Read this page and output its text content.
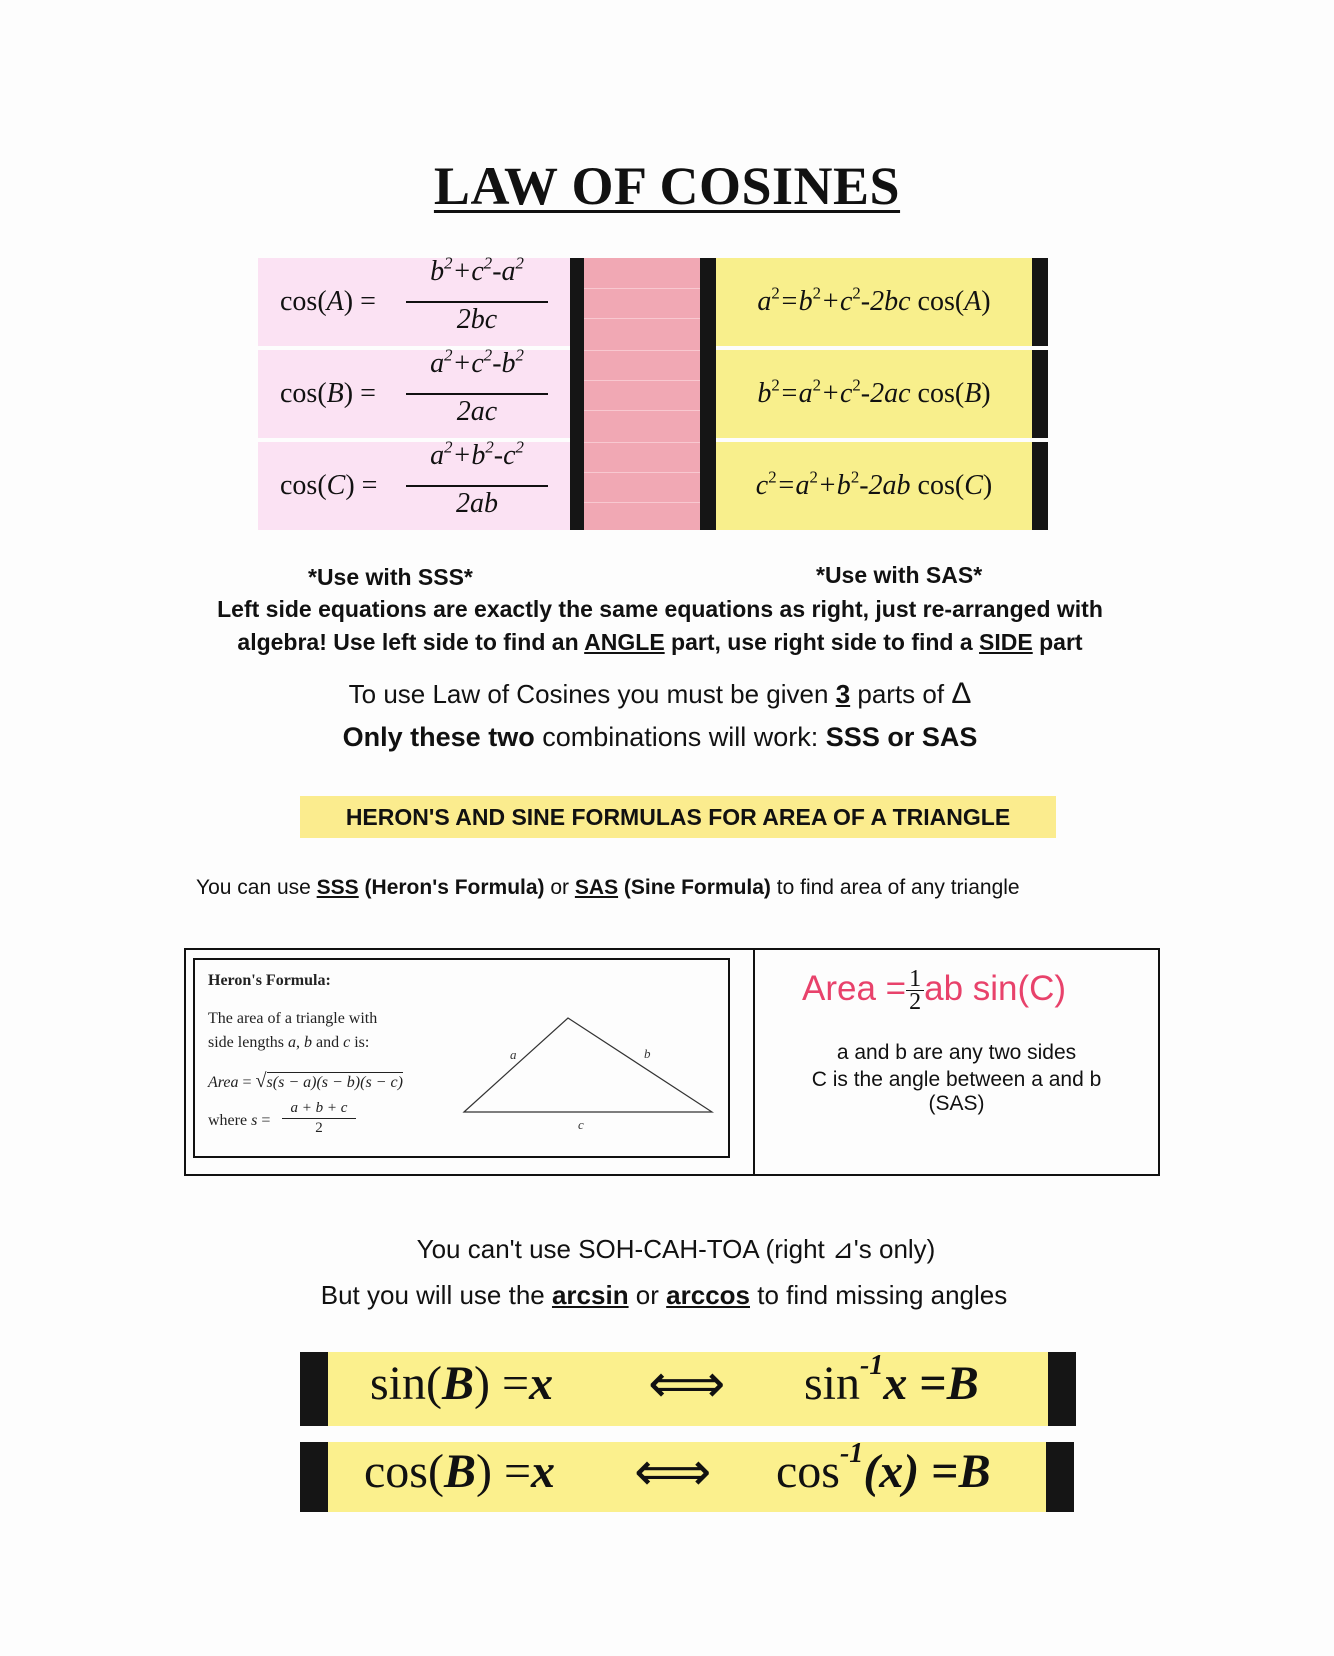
LAW OF COSINES
cos(A) =
$b^2+c^2-a^2$
2bc
cos(B) =
$a^2+c^2-b^2$
2ac
cos(C) =
$a^2+b^2-c^2$
2ab
$a^2=b^2+c^2-2bc$ cos(A)
$b^2=a^2+c^2-2ac$ cos(B)
$c^2=a^2+b^2-2ab$ cos(C)
*Use with SSS*	*Use with SAS*
Left side equations are exactly the same equations as right, just re-arranged with
algebra! Use left side to find an ANGLE part, use right side to find a SIDE part
To use Law of Cosines you must be given 3 parts of Δ
Only these two combinations will work: SSS or SAS
HERON'S AND SINE FORMULAS FOR AREA OF A TRIANGLE
You can use SSS (Heron's Formula) or SAS (Sine Formula) to find area of any triangle
Heron's Formula:
The area of a triangle with
side lengths a, b and c is:
Area = √s(s − a)(s − b)(s − c)
where s =
a + b + c
2
a	b
c
Area = $\frac{1}{2}$ ab sin(C)
a and b are any two sides
C is the angle between a and b
(SAS)
You can't use SOH-CAH-TOA (right ⊿'s only)
But you will use the arcsin or arccos to find missing angles
sin(B) =x ⟺ $\sin^{-1}x =B$
cos(B) =x ⟺ $\cos^{-1}(x) =B$
